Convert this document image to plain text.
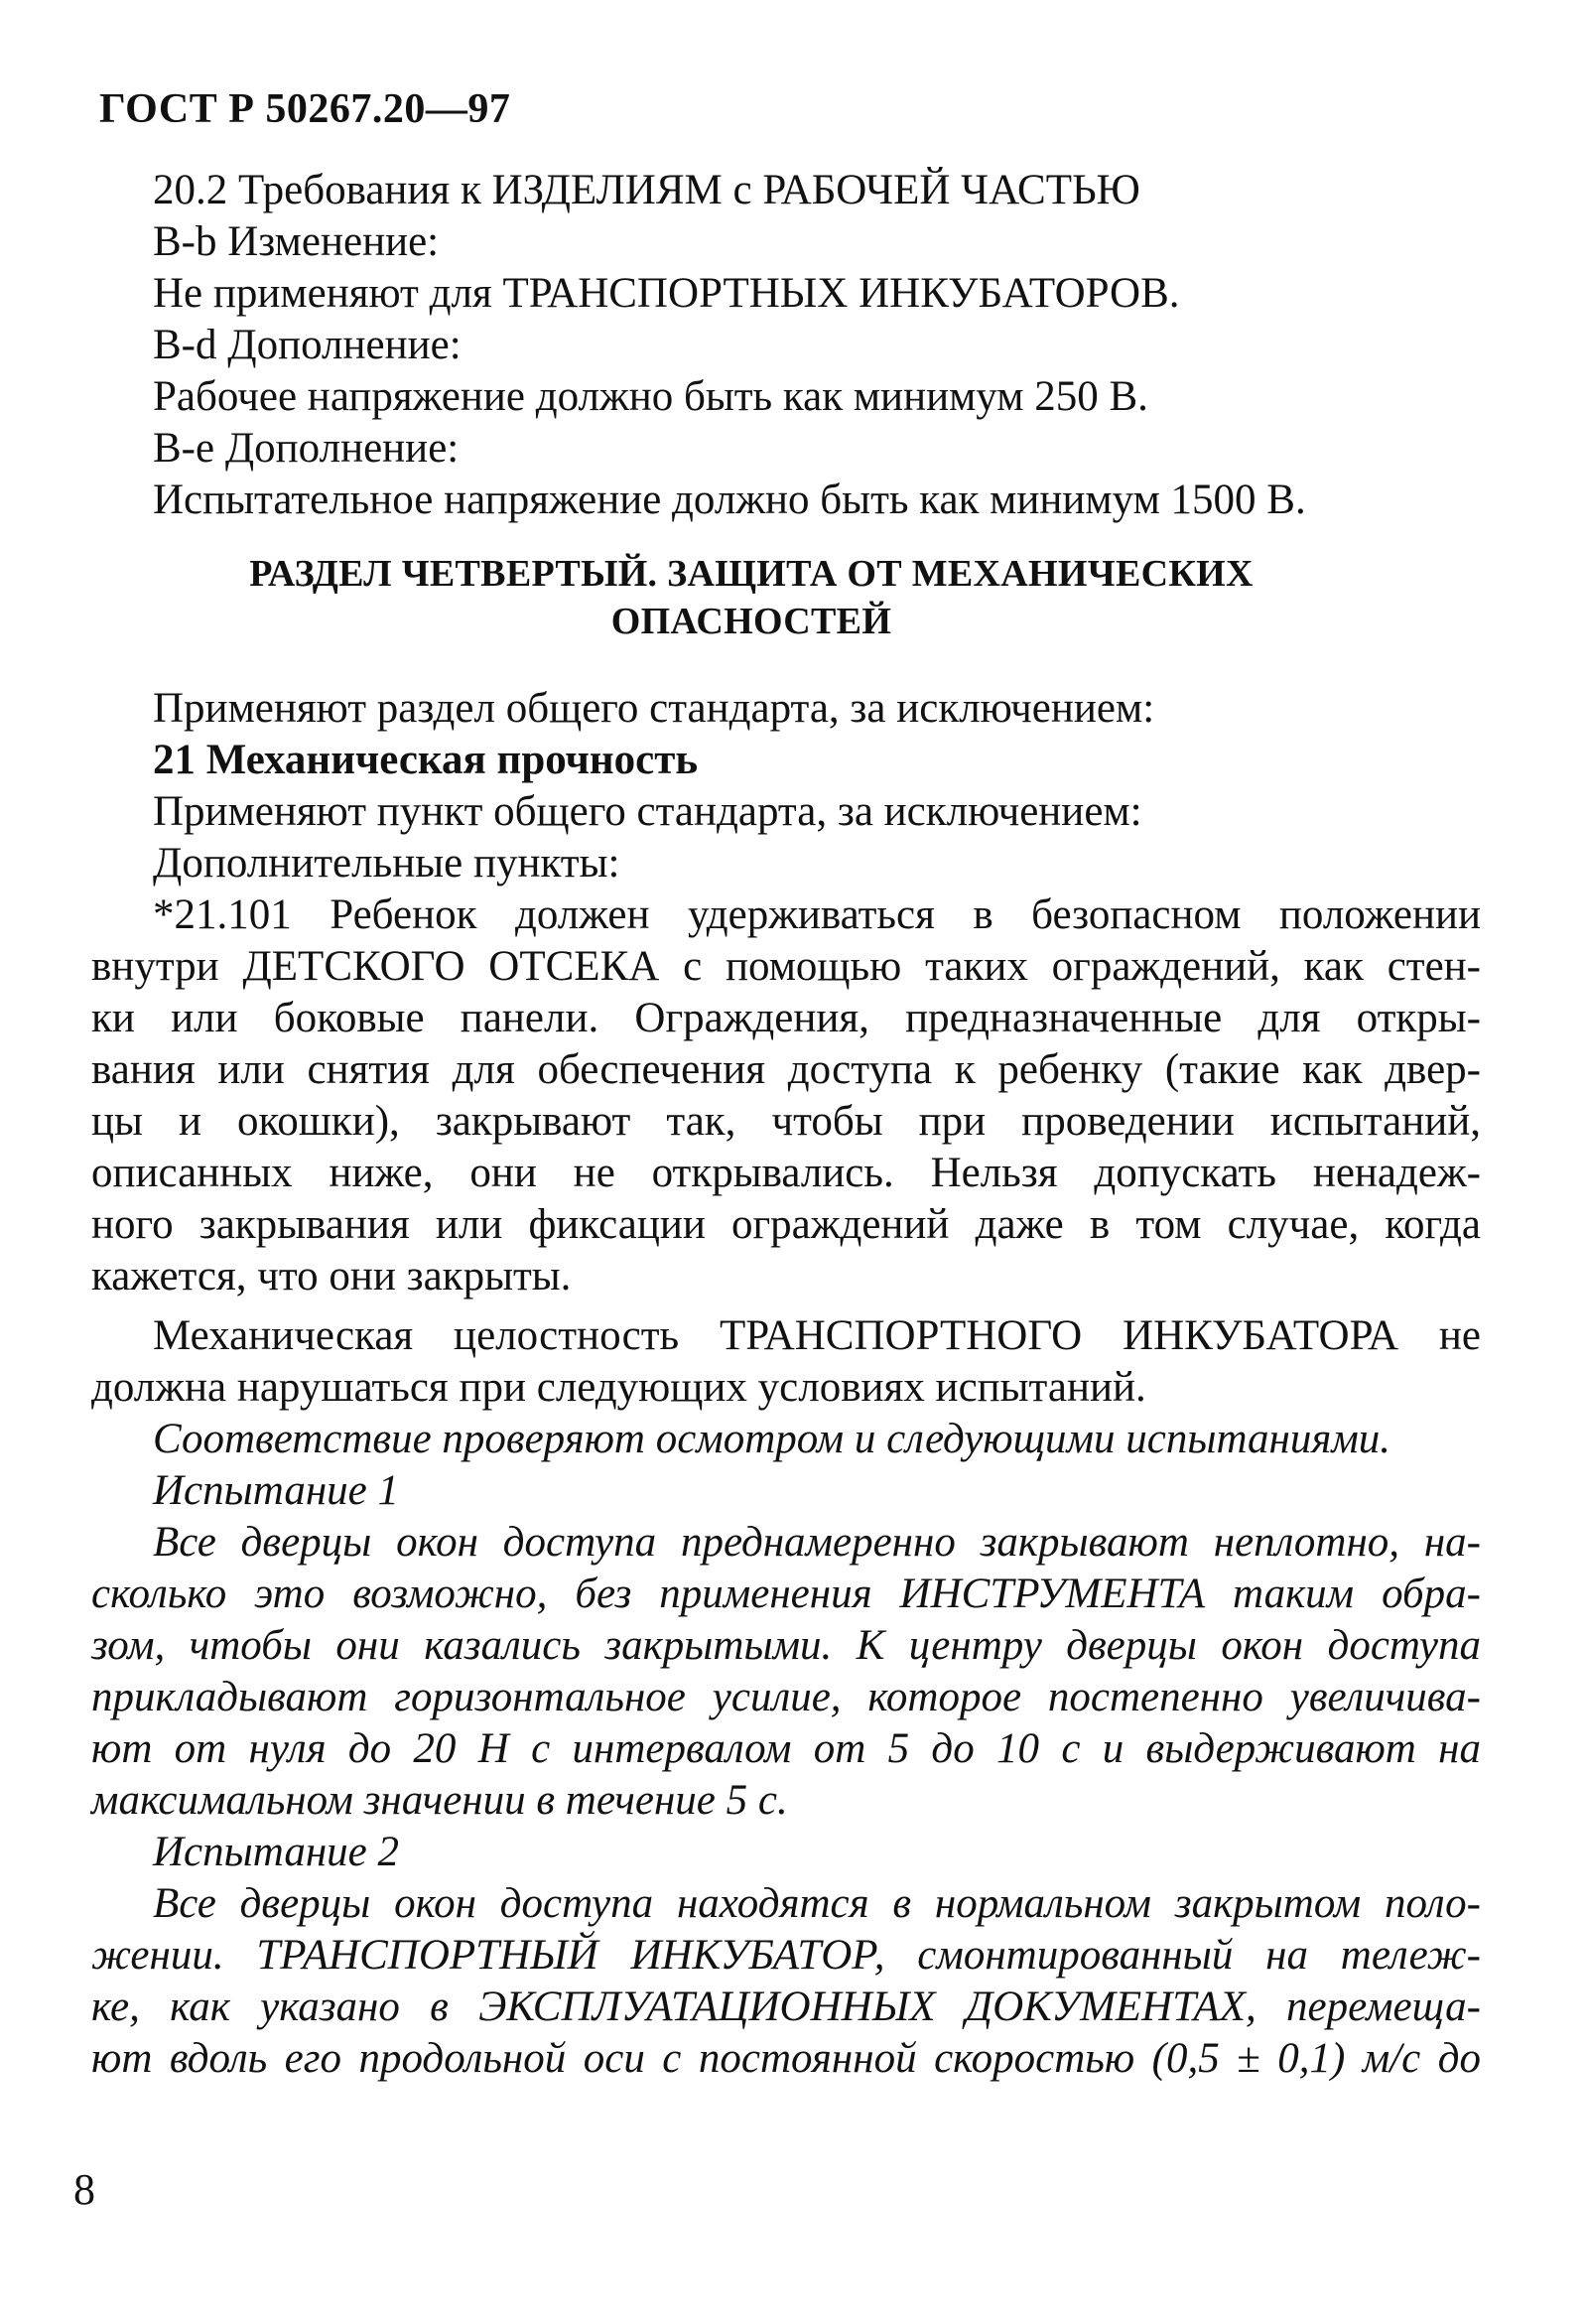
ГОСТ Р 50267.20—97
20.2 Требования к ИЗДЕЛИЯМ с РАБОЧЕЙ ЧАСТЬЮ
B-b Изменение:
Не применяют для ТРАНСПОРТНЫХ ИНКУБАТОРОВ.
B-d Дополнение:
Рабочее напряжение должно быть как минимум 250 В.
B-e Дополнение:
Испытательное напряжение должно быть как минимум 1500 В.
РАЗДЕЛ ЧЕТВЕРТЫЙ. ЗАЩИТА ОТ МЕХАНИЧЕСКИХ
ОПАСНОСТЕЙ
Применяют раздел общего стандарта, за исключением:
21 Механическая прочность
Применяют пункт общего стандарта, за исключением:
Дополнительные пункты:
*21.101 Ребенок должен удерживаться в безопасном положении
внутри ДЕТСКОГО ОТСЕКА с помощью таких ограждений, как стен-
ки или боковые панели. Ограждения, предназначенные для откры-
вания или снятия для обеспечения доступа к ребенку (такие как двер-
цы и окошки), закрывают так, чтобы при проведении испытаний,
описанных ниже, они не открывались. Нельзя допускать ненадеж-
ного закрывания или фиксации ограждений даже в том случае, когда
кажется, что они закрыты.
Механическая целостность ТРАНСПОРТНОГО ИНКУБАТОРА не
должна нарушаться при следующих условиях испытаний.
Соответствие проверяют осмотром и следующими испытаниями.
Испытание 1
Все дверцы окон доступа преднамеренно закрывают неплотно, на-
сколько это возможно, без применения ИНСТРУМЕНТА таким обра-
зом, чтобы они казались закрытыми. К центру дверцы окон доступа
прикладывают горизонтальное усилие, которое постепенно увеличива-
ют от нуля до 20 Н с интервалом от 5 до 10 с и выдерживают на
максимальном значении в течение 5 с.
Испытание 2
Все дверцы окон доступа находятся в нормальном закрытом поло-
жении. ТРАНСПОРТНЫЙ ИНКУБАТОР, смонтированный на тележ-
ке, как указано в ЭКСПЛУАТАЦИОННЫХ ДОКУМЕНТАХ, перемеща-
ют вдоль его продольной оси с постоянной скоростью (0,5 ± 0,1) м/с до
8
